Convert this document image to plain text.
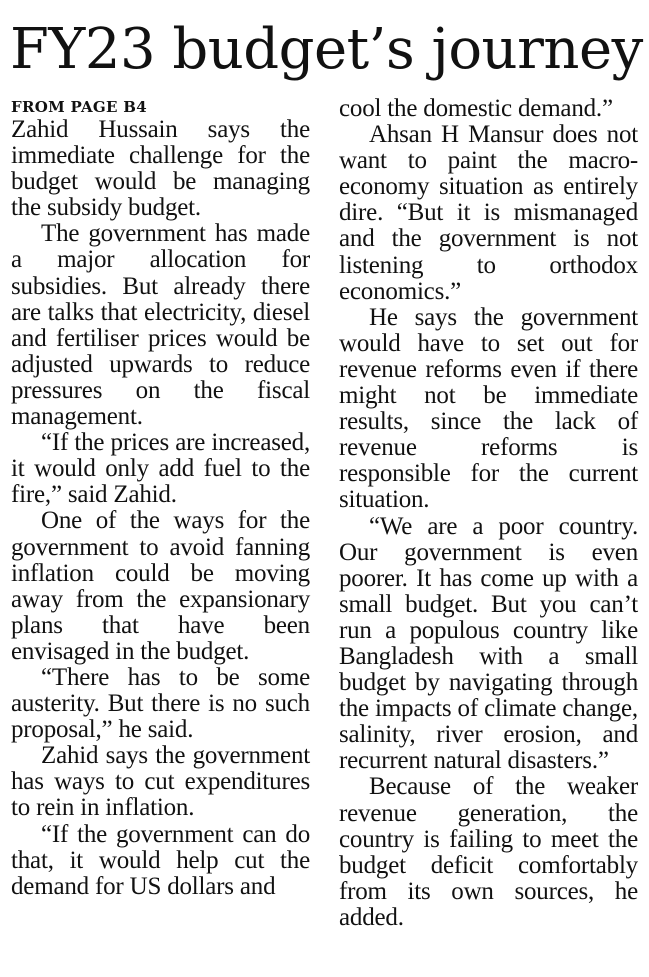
FY23 budget’s journey
FROM PAGE B4

Zahid Hussain says the immediate challenge for the budget would be managing the subsidy budget.

The government has made a major allocation for subsidies. But already there are talks that electricity, diesel and fertiliser prices would be adjusted upwards to reduce pressures on the fiscal management.

“If the prices are increased, it would only add fuel to the fire,” said Zahid.

One of the ways for the government to avoid fanning inflation could be moving away from the expansionary plans that have been envisaged in the budget.

“There has to be some austerity. But there is no such proposal,” he said.

Zahid says the government has ways to cut expenditures to rein in inflation.

“If the government can do that, it would help cut the demand for US dollars and

cool the domestic demand.”

Ahsan H Mansur does not want to paint the macro-economy situation as entirely dire. “But it is mismanaged and the government is not listening to orthodox economics.”

He says the government would have to set out for revenue reforms even if there might not be immediate results, since the lack of revenue reforms is responsible for the current situation.

“We are a poor country. Our government is even poorer. It has come up with a small budget. But you can’t run a populous country like Bangladesh with a small budget by navigating through the impacts of climate change, salinity, river erosion, and recurrent natural disasters.”

Because of the weaker revenue generation, the country is failing to meet the budget deficit comfortably from its own sources, he added.
